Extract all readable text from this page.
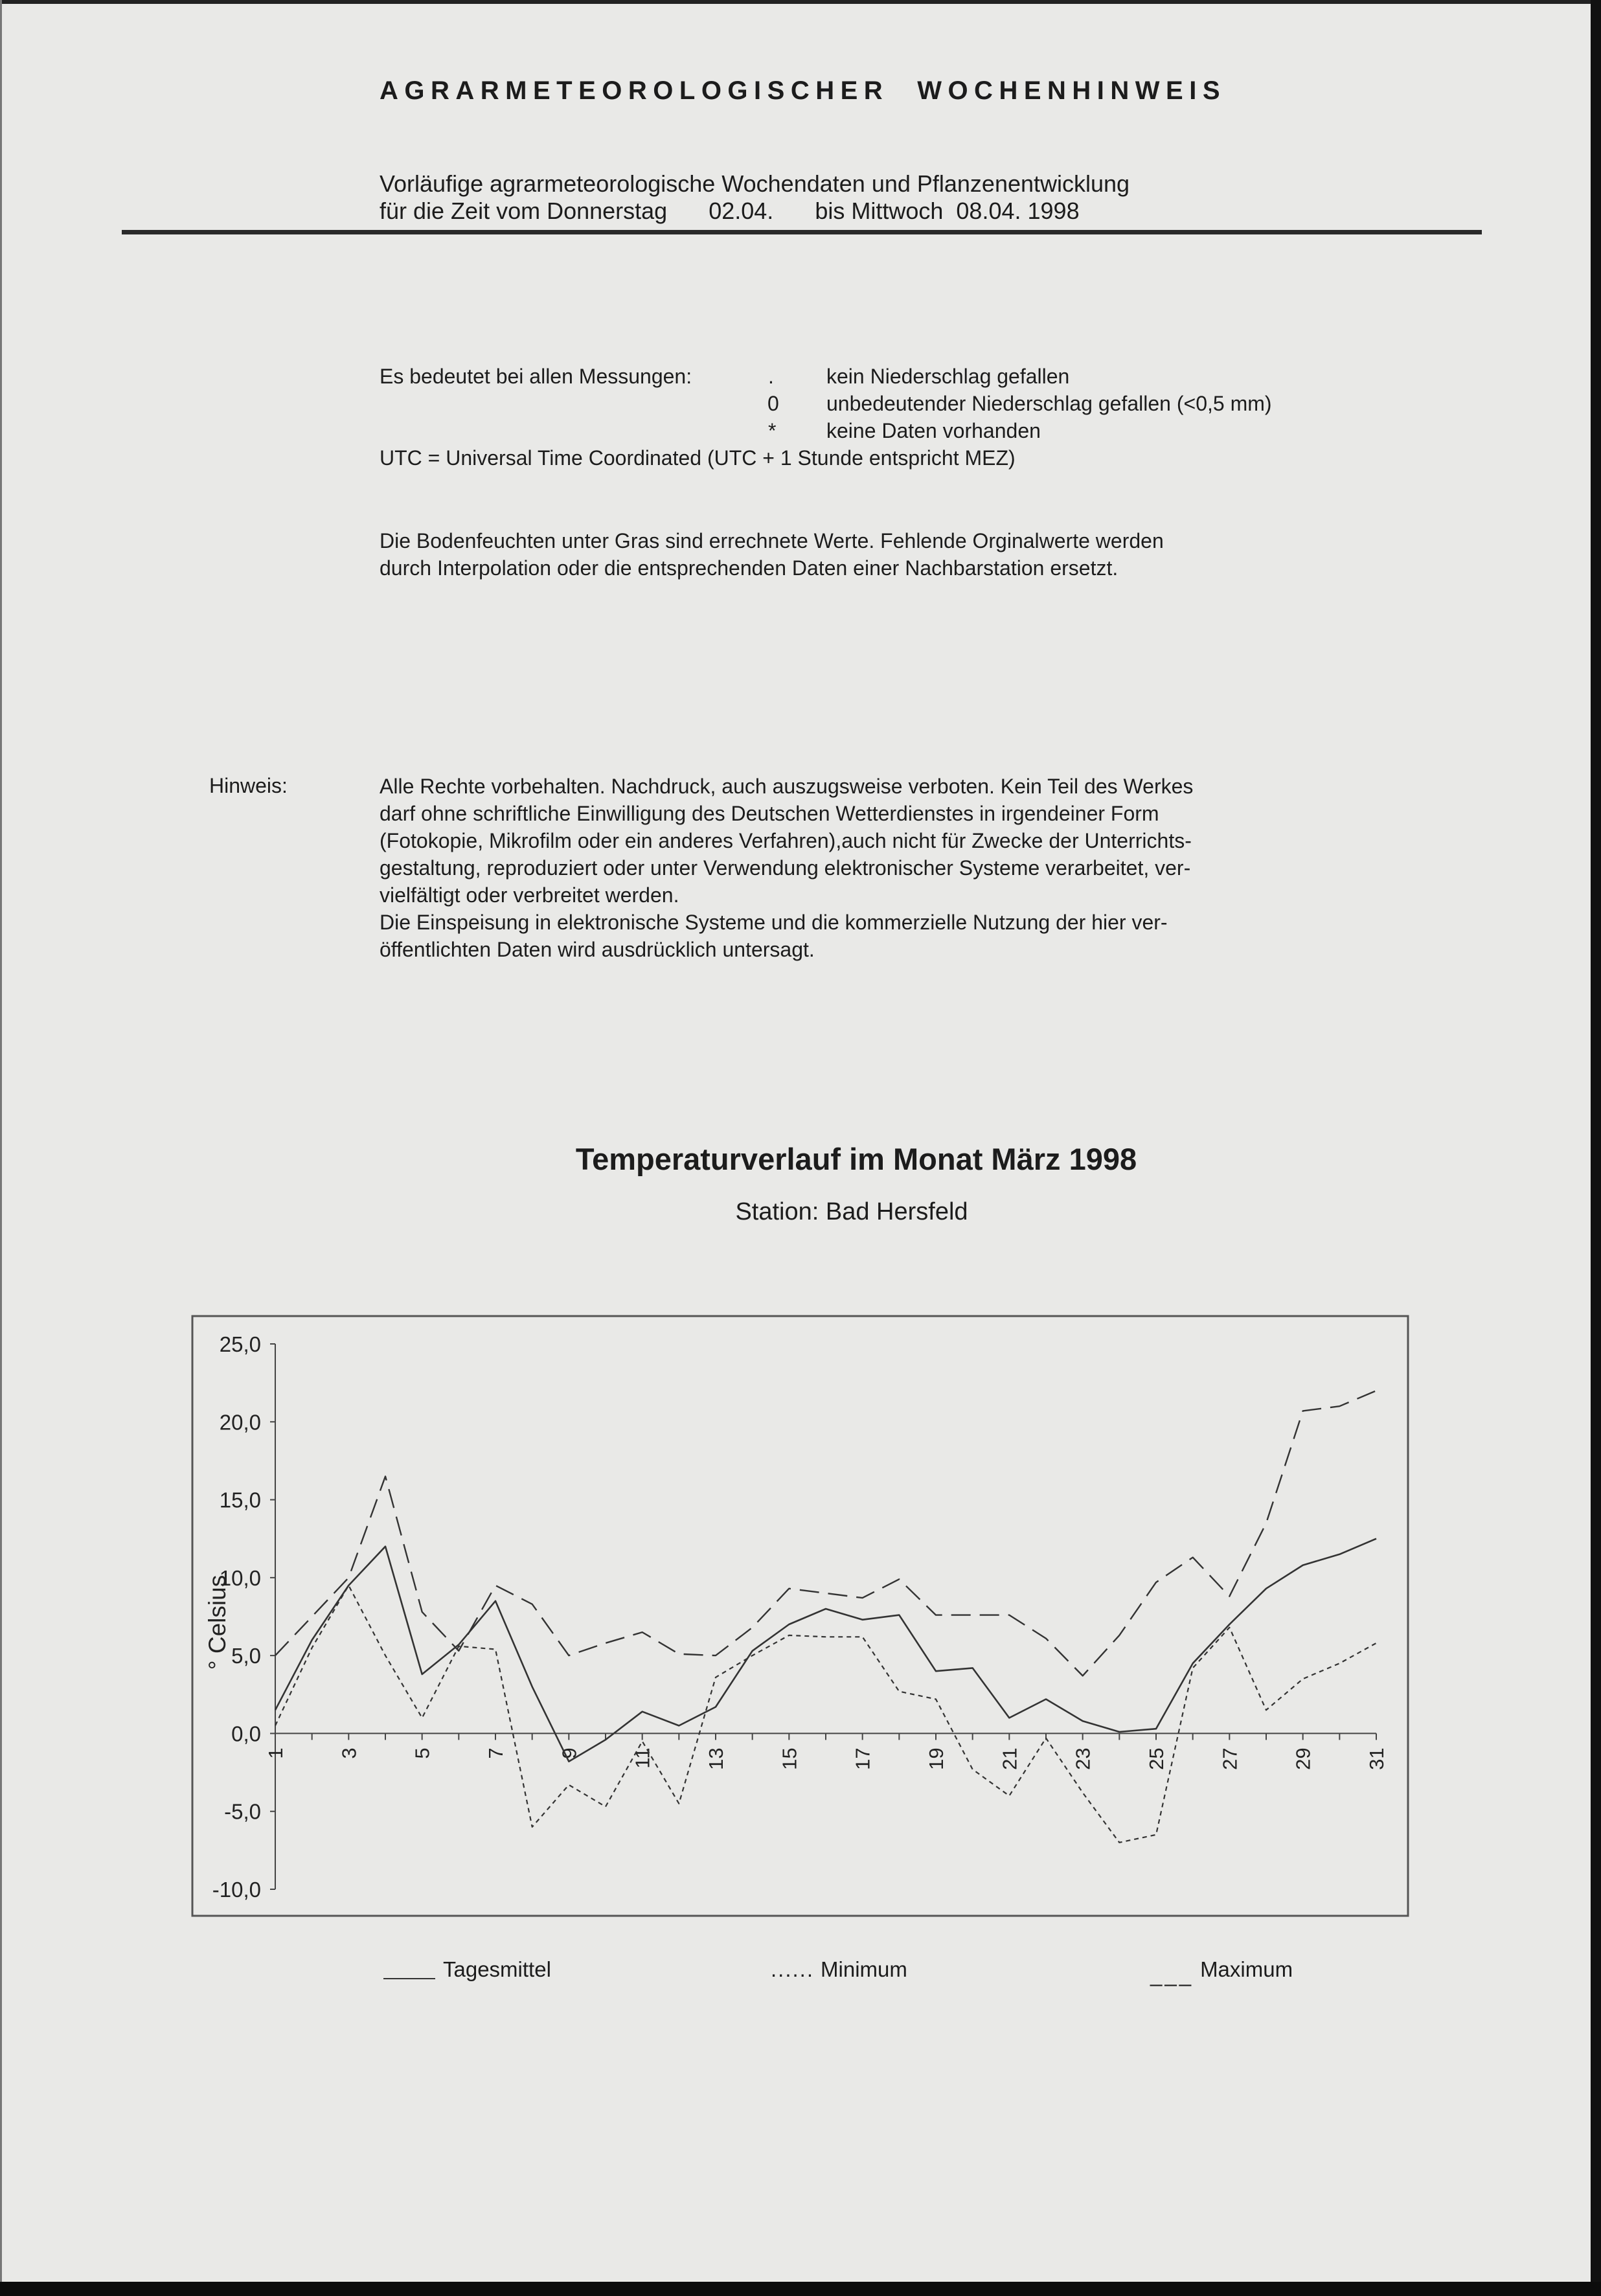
AGRARMETEOROLOGISCHER WOCHENHINWEIS
Vorläufige agrarmeteorologische Wochendaten und Pflanzenentwicklung
für die Zeit vom Donnerstag 02.04. bis Mittwoch 08.04. 1998
Es bedeutet bei allen Messungen:	.	kein Niederschlag gefallen
0 unbedeutender Niederschlag gefallen (<0,5 mm)
* keine Daten vorhanden
UTC = Universal Time Coordinated (UTC + 1 Stunde entspricht MEZ)
Die Bodenfeuchten unter Gras sind errechnete Werte. Fehlende Orginalwerte werden
durch Interpolation oder die entsprechenden Daten einer Nachbarstation ersetzt.
Hinweis:	Alle Rechte vorbehalten. Nachdruck, auch auszugsweise verboten. Kein Teil des Werkes
darf ohne schriftliche Einwilligung des Deutschen Wetterdienstes in irgendeiner Form
(Fotokopie, Mikrofilm oder ein anderes Verfahren),auch nicht für Zwecke der Unterrichts-
gestaltung, reproduziert oder unter Verwendung elektronischer Systeme verarbeitet, ver-
vielfältigt oder verbreitet werden.
Die Einspeisung in elektronische Systeme und die kommerzielle Nutzung der hier ver-
öffentlichten Daten wird ausdrücklich untersagt.
Temperaturverlauf im Monat März 1998
Station: Bad Hersfeld
25,0
20,0
15,0
10,0
5,0
0,0
-5,0
-10,0
1	3	5	7	9	11	13	15	17	19	21	23	25	27	29	31
° Celsius
Tagesmittel	...... Minimum	___ Maximum
